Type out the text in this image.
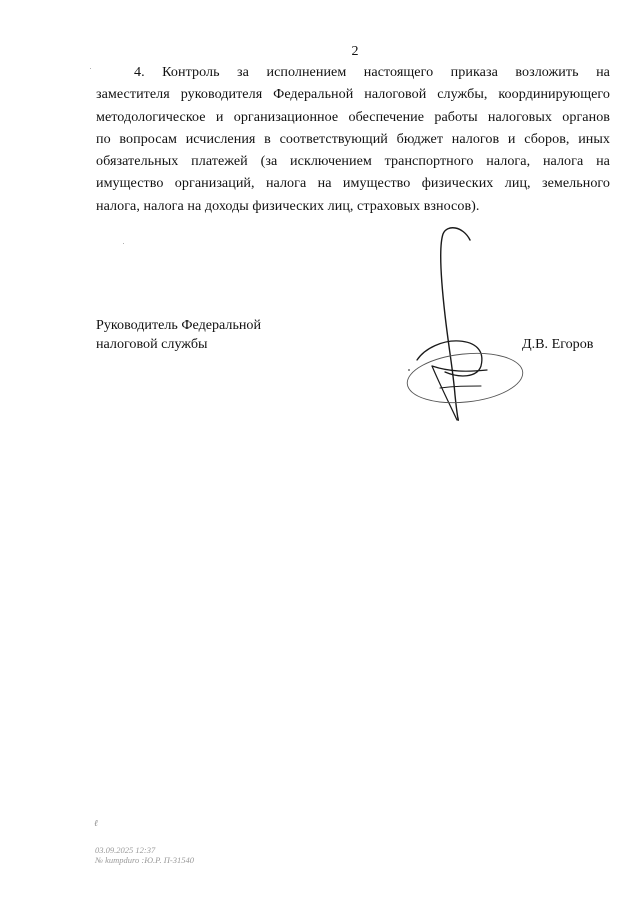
2
4. Контроль за исполнением настоящего приказа возложить на
заместителя руководителя Федеральной налоговой службы, координирующего
методологическое и организационное обеспечение работы налоговых органов
по вопросам исчисления в соответствующий бюджет налогов и сборов, иных
обязательных платежей (за исключением транспортного налога, налога на
имущество организаций, налога на имущество физических лиц, земельного
налога, налога на доходы физических лиц, страховых взносов).
Руководитель Федеральной
налоговой службы	Д.В. Егоров
ℓ
03.09.2025 12:37
№ kumpduro :Ю.Р. П-31540
